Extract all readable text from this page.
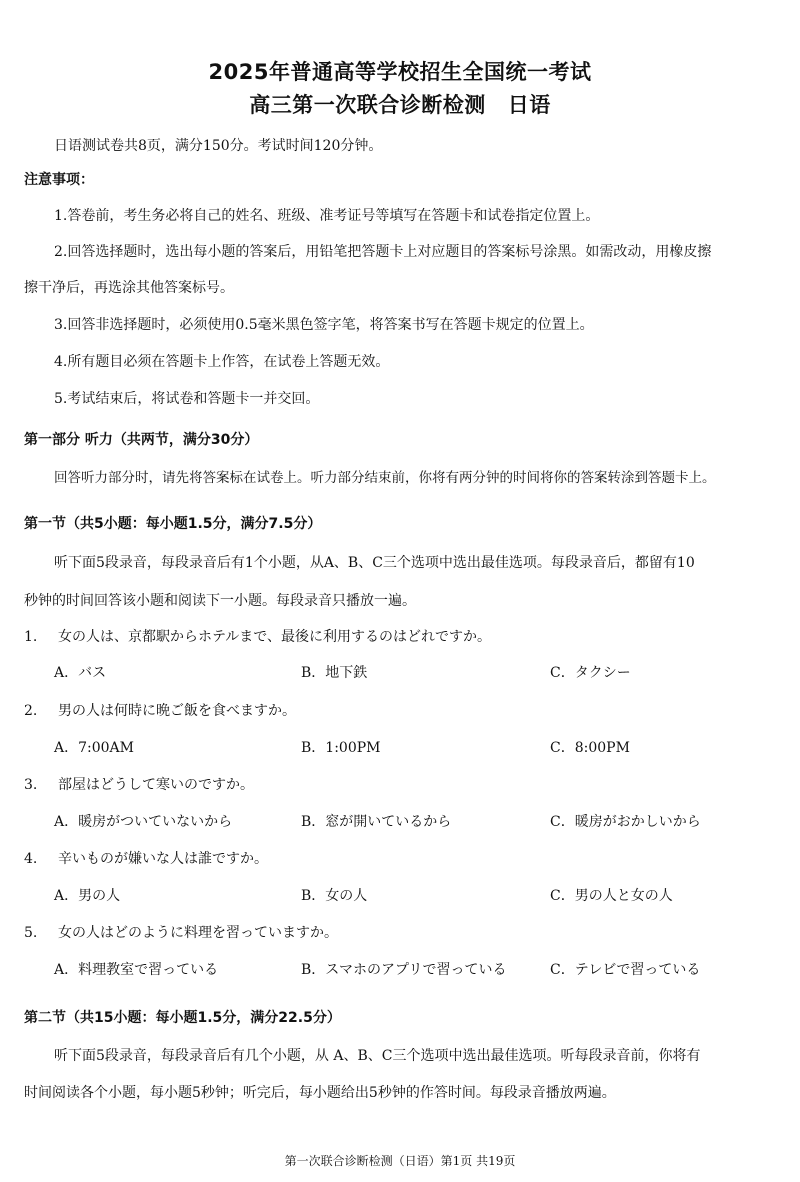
2025年普通高等学校招生全国统一考试
高三第一次联合诊断检测 日语

日语测试卷共8页，满分150分。考试时间120分钟。

注意事项：

1.答卷前，考生务必将自己的姓名、班级、准考证号等填写在答题卡和试卷指定位置上。

2.回答选择题时，选出每小题的答案后，用铅笔把答题卡上对应题目的答案标号涂黑。如需改动，用橡皮擦

擦干净后，再选涂其他答案标号。

3.回答非选择题时，必须使用0.5毫米黑色签字笔，将答案书写在答题卡规定的位置上。

4.所有题目必须在答题卡上作答，在试卷上答题无效。

5.考试结束后，将试卷和答题卡一并交回。

第一部分 听力（共两节，满分30分）

回答听力部分时，请先将答案标在试卷上。听力部分结束前，你将有两分钟的时间将你的答案转涂到答题卡上。

第一节（共5小题：每小题1.5分，满分7.5分）

听下面5段录音，每段录音后有1个小题，从A、B、C三个选项中选出最佳选项。每段录音后，都留有10

秒钟的时间回答该小题和阅读下一小题。每段录音只播放一遍。

1. 女の人は、京都駅からホテルまで、最後に利用するのはどれですか。
A．バス	B．地下鉄	C．タクシー
2. 男の人は何時に晩ご飯を食べますか。
A．7:00AM	B．1:00PM	C．8:00PM
3. 部屋はどうして寒いのですか。
A．暖房がついていないから	B．窓が開いているから	C．暖房がおかしいから
4. 辛いものが嫌いな人は誰ですか。
A．男の人	B．女の人	C．男の人と女の人
5. 女の人はどのように料理を習っていますか。
A．料理教室で習っている	B．スマホのアプリで習っている	C．テレビで習っている

第二节（共15小题：每小题1.5分，满分22.5分）

听下面5段录音，每段录音后有几个小题，从 A、B、C三个选项中选出最佳选项。听每段录音前，你将有

时间阅读各个小题，每小题5秒钟；听完后，每小题给出5秒钟的作答时间。每段录音播放两遍。

第一次联合诊断检测（日语）第1页 共19页
